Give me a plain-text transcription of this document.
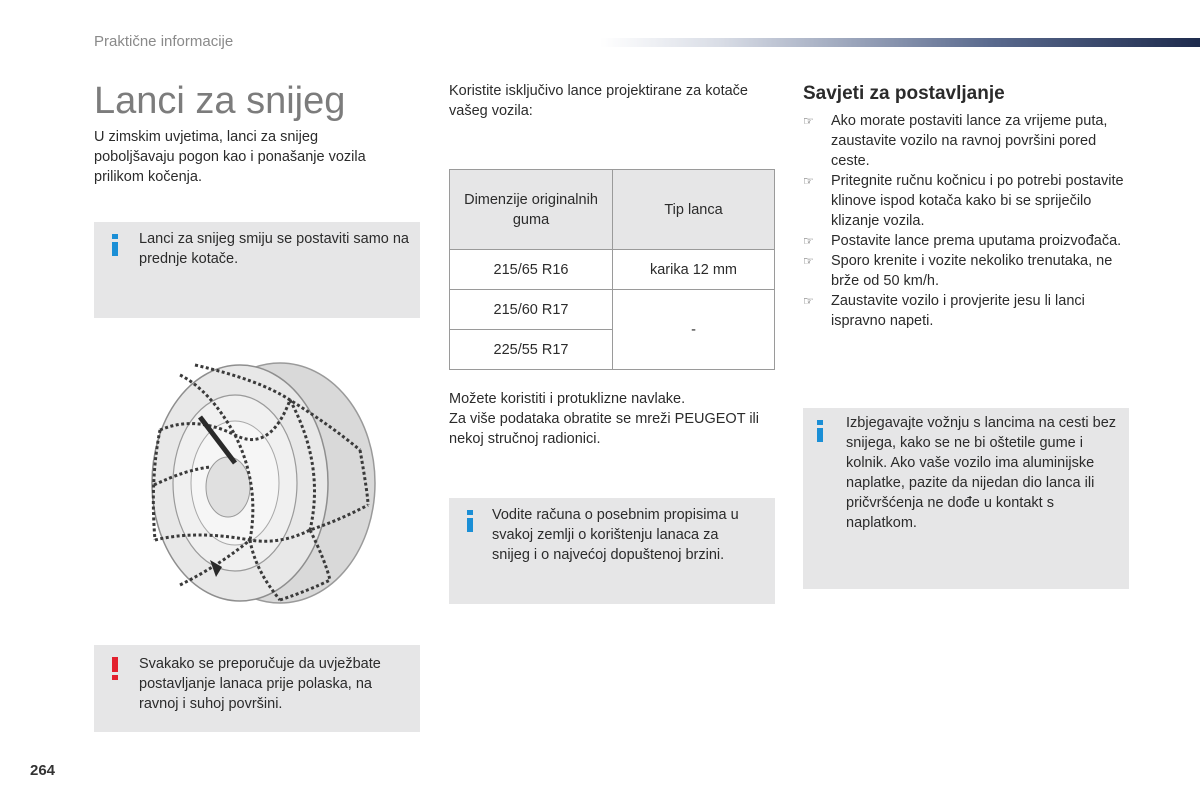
Praktične informacije
Lanci za snijeg
U zimskim uvjetima, lanci za snijeg poboljšavaju pogon kao i ponašanje vozila prilikom kočenja.
Lanci za snijeg smiju se postaviti samo na prednje kotače.
Svakako se preporučuje da uvježbate postavljanje lanaca prije polaska, na ravnoj i suhoj površini.
Koristite isključivo lance projektirane za kotače vašeg vozila:
Dimenzije originalnih guma	Tip lanca
215/65 R16	karika 12 mm
215/60 R17	-
225/55 R17	
Možete koristiti i protuklizne navlake.
Za više podataka obratite se mreži PEUGEOT ili nekoj stručnoj radionici.
Vodite računa o posebnim propisima u svakoj zemlji o korištenju lanaca za snijeg i o najvećoj dopuštenoj brzini.
Savjeti za postavljanje
☞ Ako morate postaviti lance za vrijeme puta, zaustavite vozilo na ravnoj površini pored ceste.
☞ Pritegnite ručnu kočnicu i po potrebi postavite klinove ispod kotača kako bi se spriječilo klizanje vozila.
☞ Postavite lance prema uputama proizvođača.
☞ Sporo krenite i vozite nekoliko trenutaka, ne brže od 50 km/h.
☞ Zaustavite vozilo i provjerite jesu li lanci ispravno napeti.
Izbjegavajte vožnju s lancima na cesti bez snijega, kako se ne bi oštetile gume i kolnik. Ako vaše vozilo ima aluminijske naplatke, pazite da nijedan dio lanca ili pričvršćenja ne dođe u kontakt s naplatkom.
264
